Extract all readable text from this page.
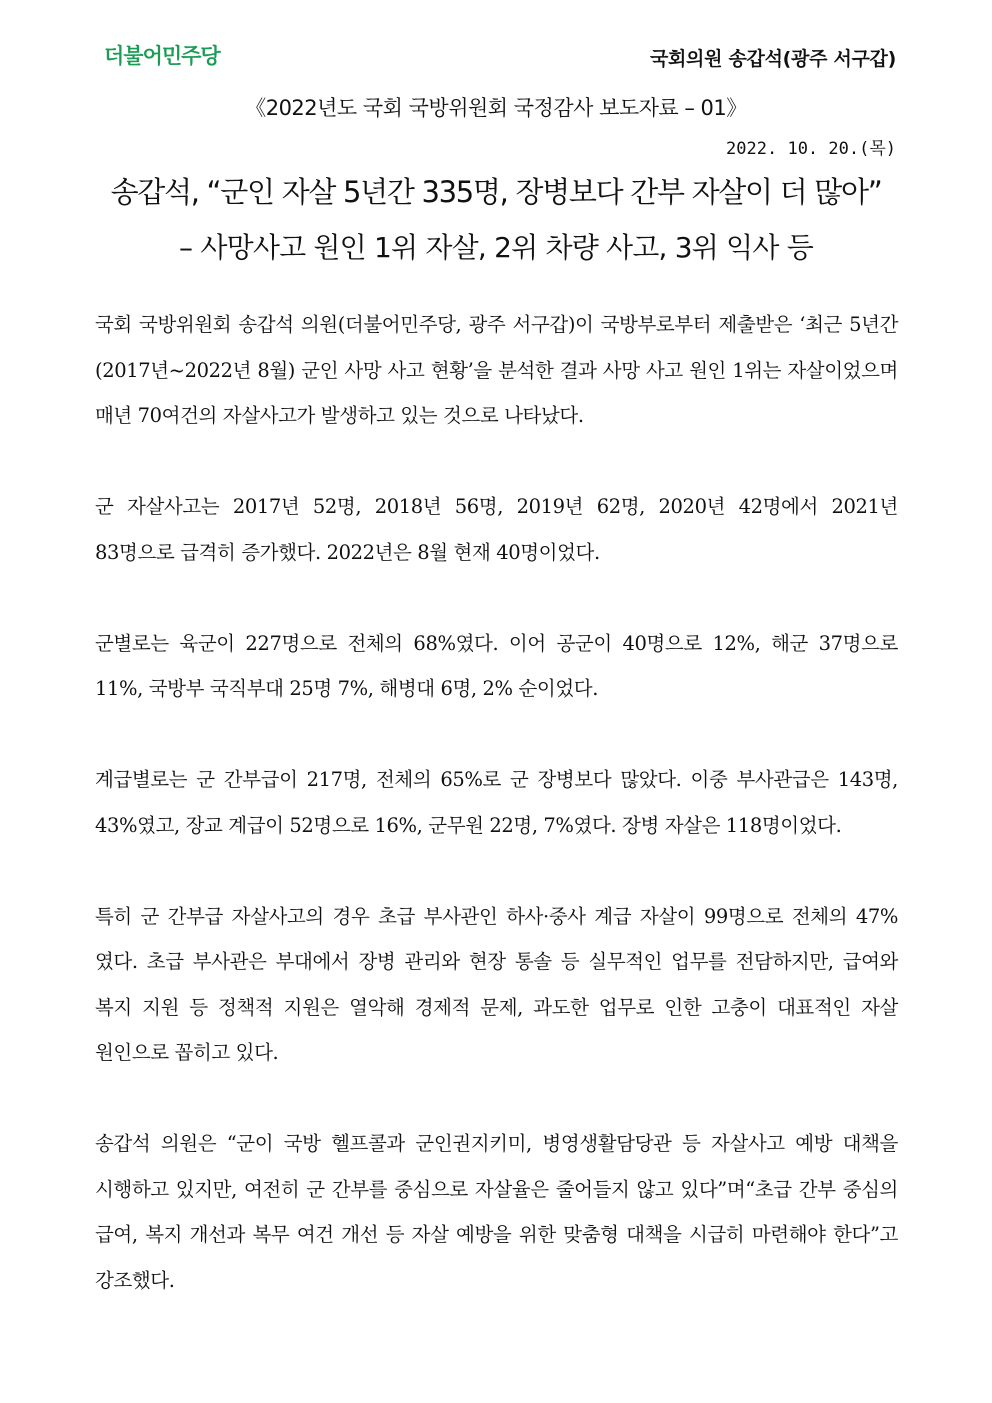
더불어민주당	국회의원 송갑석(광주 서구갑)
《2022년도 국회 국방위원회 국정감사 보도자료 – 01》
2022. 10. 20.(목)
송갑석, “군인 자살 5년간 335명, 장병보다 간부 자살이 더 많아”
– 사망사고 원인 1위 자살, 2위 차량 사고, 3위 익사 등

국회 국방위원회 송갑석 의원(더불어민주당, 광주 서구갑)이 국방부로부터 제출받은 ‘최근 5년간(2017년~2022년 8월) 군인 사망 사고 현황’을 분석한 결과 사망 사고 원인 1위는 자살이었으며 매년 70여건의 자살사고가 발생하고 있는 것으로 나타났다.

군 자살사고는 2017년 52명, 2018년 56명, 2019년 62명, 2020년 42명에서 2021년 83명으로 급격히 증가했다. 2022년은 8월 현재 40명이었다.

군별로는 육군이 227명으로 전체의 68%였다. 이어 공군이 40명으로 12%, 해군 37명으로 11%, 국방부 국직부대 25명 7%, 해병대 6명, 2% 순이었다.

계급별로는 군 간부급이 217명, 전체의 65%로 군 장병보다 많았다. 이중 부사관급은 143명, 43%였고, 장교 계급이 52명으로 16%, 군무원 22명, 7%였다. 장병 자살은 118명이었다.

특히 군 간부급 자살사고의 경우 초급 부사관인 하사·중사 계급 자살이 99명으로 전체의 47%였다. 초급 부사관은 부대에서 장병 관리와 현장 통솔 등 실무적인 업무를 전담하지만, 급여와 복지 지원 등 정책적 지원은 열악해 경제적 문제, 과도한 업무로 인한 고충이 대표적인 자살 원인으로 꼽히고 있다.

송갑석 의원은 “군이 국방 헬프콜과 군인권지키미, 병영생활담당관 등 자살사고 예방 대책을 시행하고 있지만, 여전히 군 간부를 중심으로 자살율은 줄어들지 않고 있다”며“초급 간부 중심의 급여, 복지 개선과 복무 여건 개선 등 자살 예방을 위한 맞춤형 대책을 시급히 마련해야 한다”고 강조했다.
